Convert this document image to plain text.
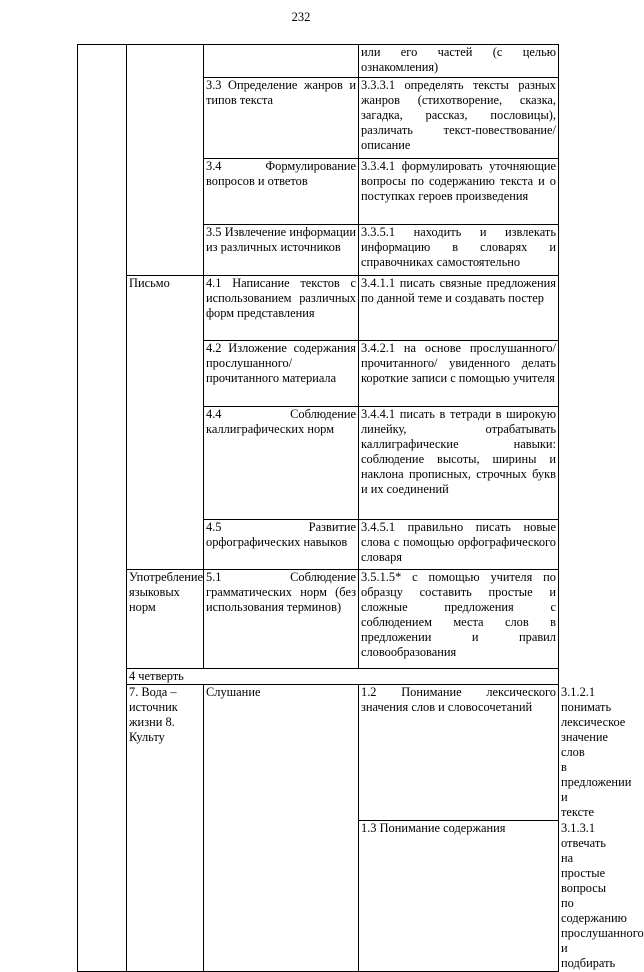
232
			или его частей (с целью ознакомления)	
		3.3 Определение жанров и типов текста	3.3.3.1 определять тексты разных жанров (стихотворение, сказка, загадка, рассказ, пословицы), различать текст-повествование/описание	
		3.4 Формулирование вопросов и ответов	3.3.4.1 формулировать уточняющие вопросы по содержанию текста и о поступках героев произведения	
		3.5 Извлечение информации из различных источников	3.3.5.1 находить и извлекать информацию в словарях и справочниках самостоятельно	
	Письмо	4.1 Написание текстов с использованием различных форм представления	3.4.1.1 писать связные предложения по данной теме и создавать постер	
		4.2 Изложение содержания прослушанного/прочитанного материала	3.4.2.1 на основе прослушанного/ прочитанного/ увиденного делать короткие записи с помощью учителя	
		4.4 Соблюдение каллиграфических норм	3.4.4.1 писать в тетради в широкую линейку, отрабатывать каллиграфические навыки: соблюдение высоты, ширины и наклона прописных, строчных букв и их соединений	
		4.5 Развитие орфографических навыков	3.4.5.1 правильно писать новые слова с помощью орфографического словаря	
	Употребление языковых норм	5.1 Соблюдение грамматических норм (без использования терминов)	3.5.1.5* с помощью учителя по образцу составить простые и сложные предложения с соблюдением места слов в предложении и правил словообразования	
	4 четверть			
	7. Вода – источник жизни 8. Культу	Слушание	1.2 Понимание лексического значения слов и словосочетаний	3.1.2.1 понимать лексическое значение слов в предложении и тексте
			1.3 Понимание содержания	3.1.3.1 отвечать на простые вопросы по содержанию прослушанного и подбирать
